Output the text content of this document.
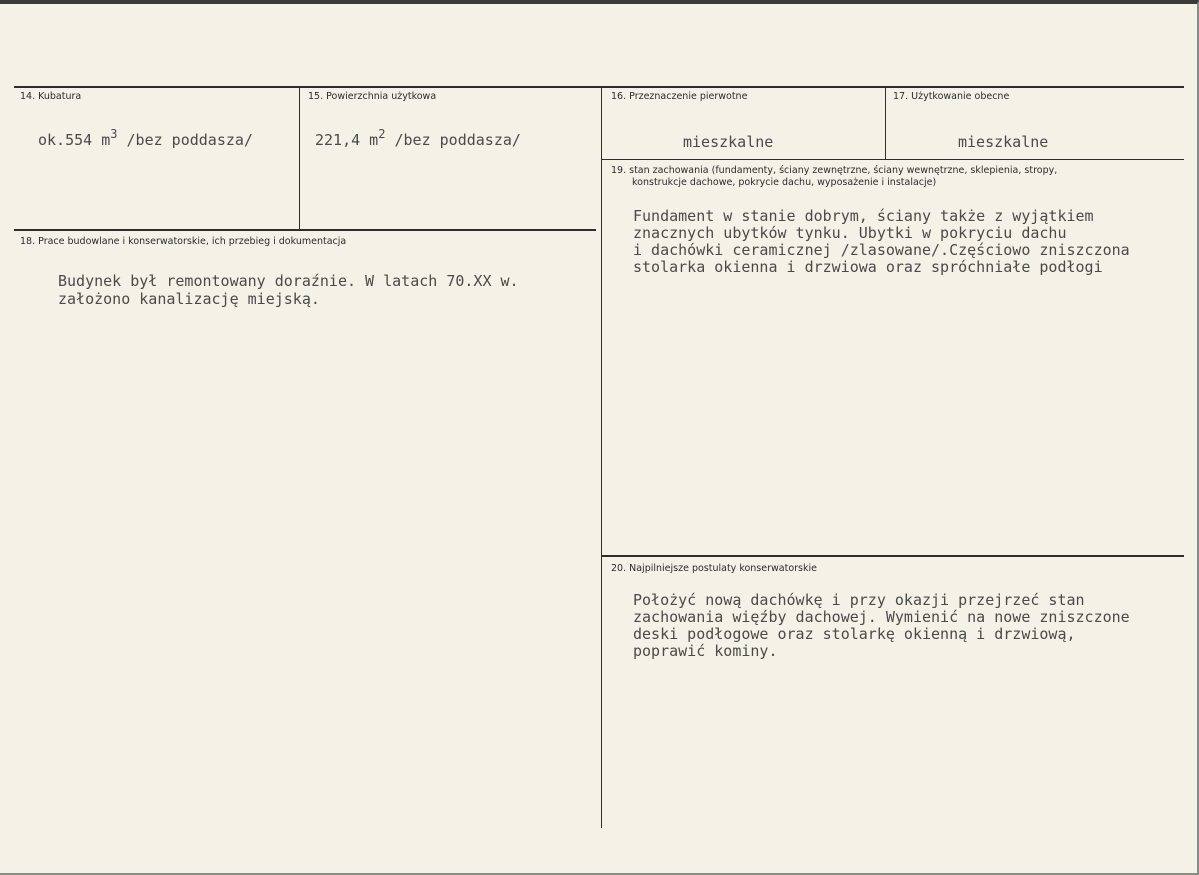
14. Kubatura
ok.554 $m^3$ /bez poddasza/
15. Powierzchnia użytkowa
221,4 $m^2$ /bez poddasza/
16. Przeznaczenie pierwotne
mieszkalne
17. Użytkowanie obecne
mieszkalne
18. Prace budowlane i konserwatorskie, ich przebieg i dokumentacja
Budynek był remontowany doraźnie. W latach 70.XX w.
założono kanalizację miejską.
19. stan zachowania (fundamenty, ściany zewnętrzne, ściany wewnętrzne, sklepienia, stropy,
konstrukcje dachowe, pokrycie dachu, wyposażenie i instalacje)
Fundament w stanie dobrym, ściany także z wyjątkiem
znacznych ubytków tynku. Ubytki w pokryciu dachu
i dachówki ceramicznej /zlasowane/.Częściowo zniszczona
stolarka okienna i drzwiowa oraz spróchniałe podłogi
20. Najpilniejsze postulaty konserwatorskie
Położyć nową dachówkę i przy okazji przejrzeć stan
zachowania więźby dachowej. Wymienić na nowe zniszczone
deski podłogowe oraz stolarkę okienną i drzwiową,
poprawić kominy.
